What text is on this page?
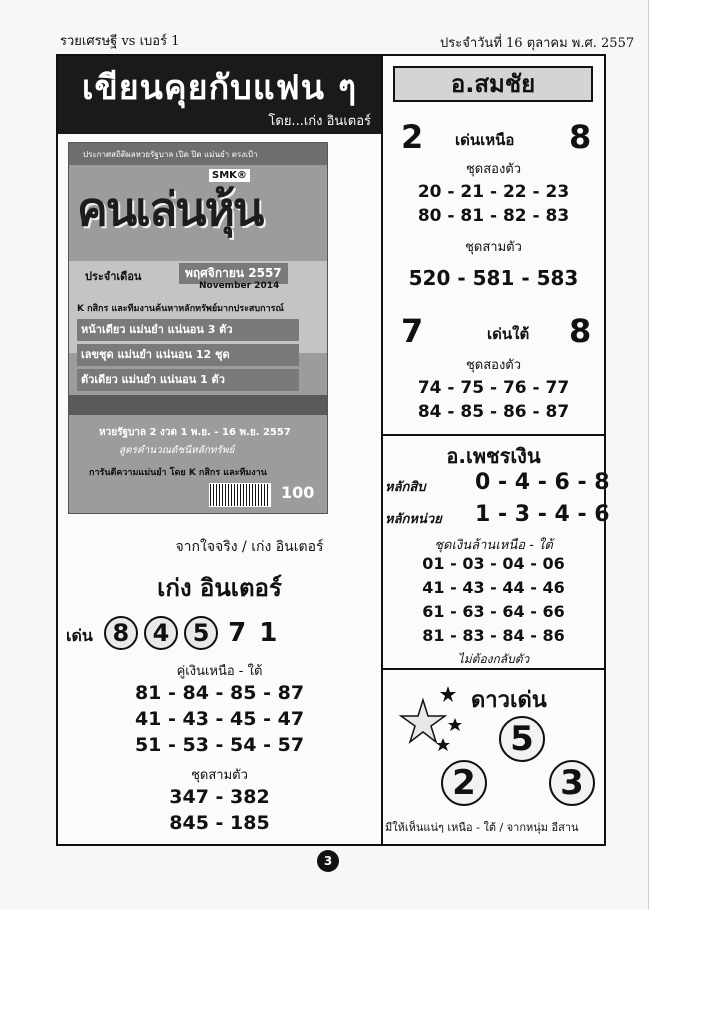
รวยเศรษฐี vs เบอร์ 1	ประจำวันที่ 16 ตุลาคม พ.ศ. 2557
เขียนคุยกับแฟน ๆ
โดย...เก่ง อินเตอร์
ประกาศสถิติผลหวยรัฐบาล เปิด ปิด แม่นยำ ตรงเป้า
SMK®
คนเล่นหุ้น
ประจำเดือน	พฤศจิกายน 2557
November 2014
K กสิกร และทีมงานค้นหาหลักทรัพย์มากประสบการณ์
หน้าเดียว แม่นยำ แน่นอน 3 ตัว
เลขชุด แม่นยำ แน่นอน 12 ชุด
ตัวเดียว แม่นยำ แน่นอน 1 ตัว
หวยรัฐบาล 2 งวด 1 พ.ย. - 16 พ.ย. 2557
สูตรคำนวณดัชนีหลักทรัพย์
การันตีความแม่นยำ โดย K กสิกร และทีมงาน
100
จากใจจริง / เก่ง อินเตอร์
เก่ง อินเตอร์
เด่น 8 4 5 7 1
คู่เงินเหนือ - ใต้
81 - 84 - 85 - 87
41 - 43 - 45 - 47
51 - 53 - 54 - 57
ชุดสามตัว
347 - 382
845 - 185
อ.สมชัย
2 เด่นเหนือ 8
ชุดสองตัว
20 - 21 - 22 - 23
80 - 81 - 82 - 83
ชุดสามตัว
520 - 581 - 583
7	เด่นใต้ 8
ชุดสองตัว
74 - 75 - 76 - 77
84 - 85 - 86 - 87
อ.เพชรเงิน
หลักสิบ 0 - 4 - 6 - 8
หลักหน่วย 1 - 3 - 4 - 6
ชุดเงินล้านเหนือ - ใต้
01 - 03 - 04 - 06
41 - 43 - 44 - 46
61 - 63 - 64 - 66
81 - 83 - 84 - 86
ไม่ต้องกลับตัว
ดาวเด่น
5
2	3
มีให้เห็นแน่ๆ เหนือ - ใต้ / จากหนุ่ม อีสาน
3
